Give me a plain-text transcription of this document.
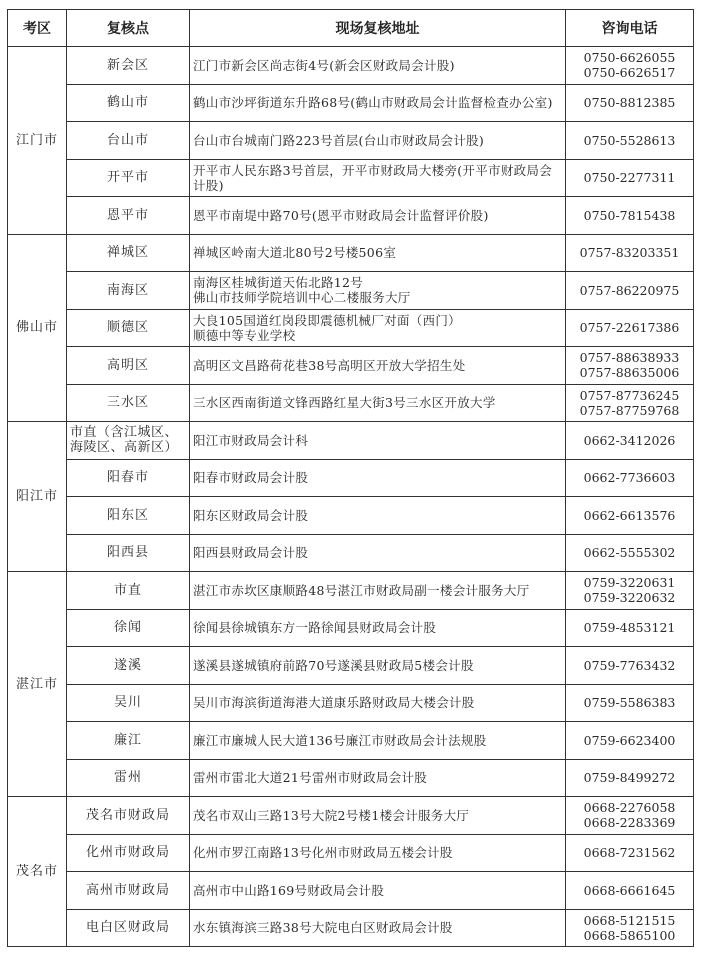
考区	复核点	现场复核地址	咨询电话
江门市	新会区	江门市新会区尚志街4号(新会区财政局会计股)	0750-6626055
0750-6626517

	鹤山市	鹤山市沙坪街道东升路68号(鹤山市财政局会计监督检查办公室)	0750-8812385

	台山市	台山市台城南门路223号首层(台山市财政局会计股)	0750-5528613

	开平市	开平市人民东路3号首层，开平市财政局大楼旁(开平市财政局会计股)	0750-2277311

	恩平市	恩平市南堤中路70号(恩平市财政局会计监督评价股)	0750-7815438

佛山市	禅城区	禅城区岭南大道北80号2号楼506室	0757-83203351

	南海区	南海区桂城街道天佑北路12号
佛山市技师学院培训中心二楼服务大厅	0757-86220975

	顺德区	大良105国道红岗段即震德机械厂对面（西门）
顺德中等专业学校	0757-22617386

	高明区	高明区文昌路荷花巷38号高明区开放大学招生处	0757-88638933
0757-88635006

	三水区	三水区西南街道文锋西路红星大街3号三水区开放大学	0757-87736245
0757-87759768

阳江市	市直（含江城区、海陵区、高新区）	阳江市财政局会计科	0662-3412026

	阳春市	阳春市财政局会计股	0662-7736603

	阳东区	阳东区财政局会计股	0662-6613576

	阳西县	阳西县财政局会计股	0662-5555302

湛江市	市直	湛江市赤坎区康顺路48号湛江市财政局副一楼会计服务大厅	0759-3220631
0759-3220632

	徐闻	徐闻县徐城镇东方一路徐闻县财政局会计股	0759-4853121

	遂溪	遂溪县遂城镇府前路70号遂溪县财政局5楼会计股	0759-7763432

	吴川	吴川市海滨街道海港大道康乐路财政局大楼会计股	0759-5586383

	廉江	廉江市廉城人民大道136号廉江市财政局会计法规股	0759-6623400

	雷州	雷州市雷北大道21号雷州市财政局会计股	0759-8499272

茂名市	茂名市财政局	茂名市双山三路13号大院2号楼1楼会计服务大厅	0668-2276058
0668-2283369

	化州市财政局	化州市罗江南路13号化州市财政局五楼会计股	0668-7231562

	高州市财政局	高州市中山路169号财政局会计股	0668-6661645

	电白区财政局	水东镇海滨三路38号大院电白区财政局会计股	0668-5121515
0668-5865100
